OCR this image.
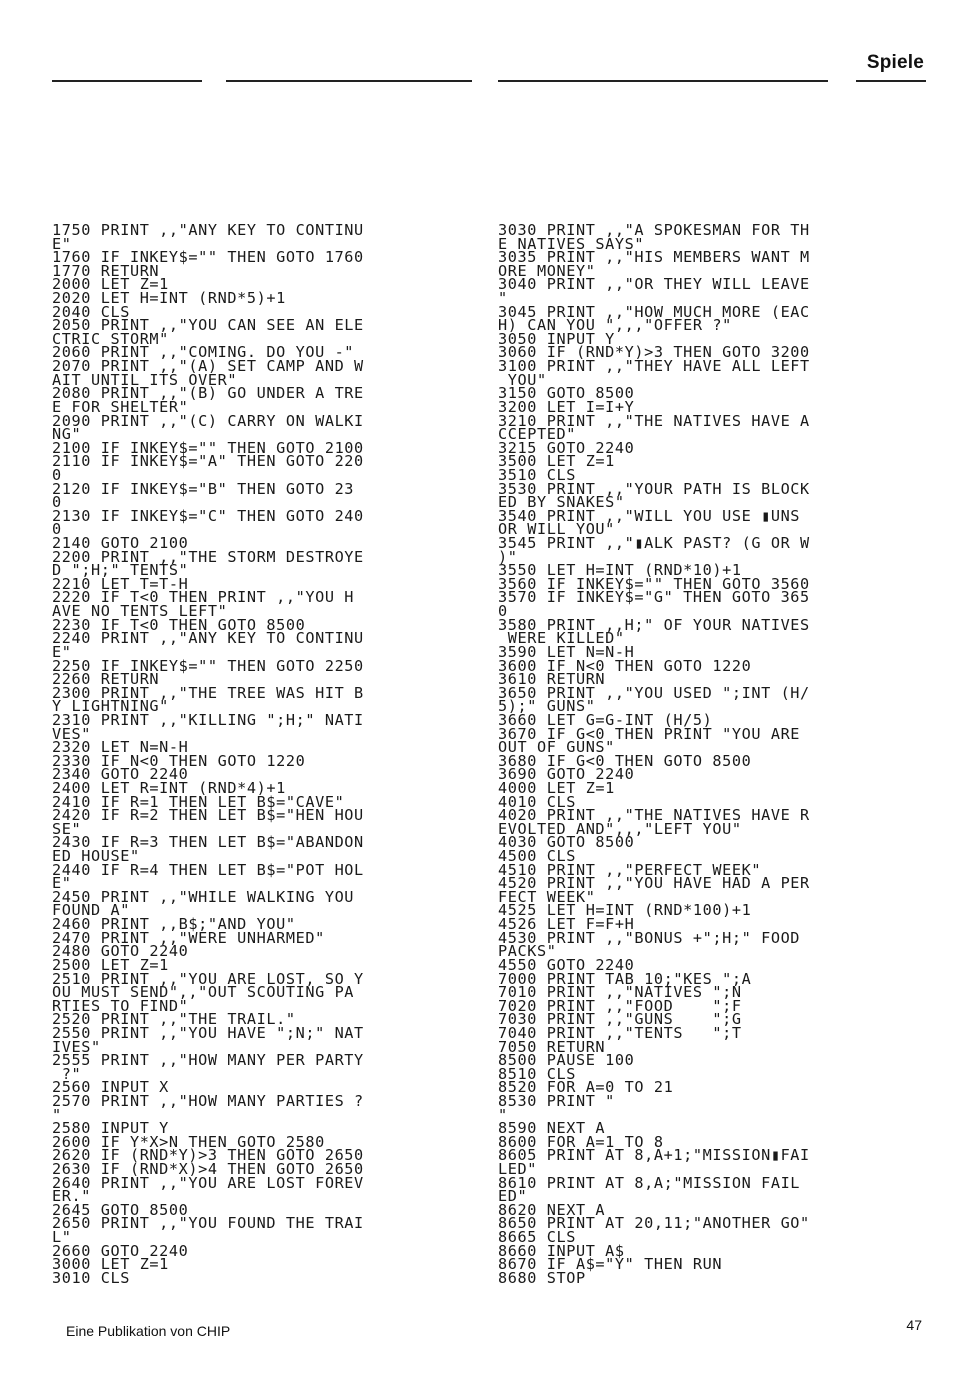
Spiele
1750 PRINT ,,"ANY KEY TO CONTINU
E"
1760 IF INKEY$="" THEN GOTO 1760
1770 RETURN
2000 LET Z=1
2020 LET H=INT (RND*5)+1
2040 CLS
2050 PRINT ,,"YOU CAN SEE AN ELE
CTRIC STORM"
2060 PRINT ,,"COMING. DO YOU -"
2070 PRINT ,,"(A) SET CAMP AND W
AIT UNTIL ITS OVER"
2080 PRINT ,,"(B) GO UNDER A TRE
E FOR SHELTER"
2090 PRINT ,,"(C) CARRY ON WALKI
NG"
2100 IF INKEY$="" THEN GOTO 2100
2110 IF INKEY$="A" THEN GOTO 220
0
2120 IF INKEY$="B" THEN GOTO 23
0
2130 IF INKEY$="C" THEN GOTO 240
0
2140 GOTO 2100
2200 PRINT ,,"THE STORM DESTROYE
D ";H;" TENTS"
2210 LET T=T-H
2220 IF T<0 THEN PRINT ,,"YOU H
AVE NO TENTS LEFT"
2230 IF T<0 THEN GOTO 8500
2240 PRINT ,,"ANY KEY TO CONTINU
E"
2250 IF INKEY$="" THEN GOTO 2250
2260 RETURN
2300 PRINT ,,"THE TREE WAS HIT B
Y LIGHTNING"
2310 PRINT ,,"KILLING ";H;" NATI
VES"
2320 LET N=N-H
2330 IF N<0 THEN GOTO 1220
2340 GOTO 2240
2400 LET R=INT (RND*4)+1
2410 IF R=1 THEN LET B$="CAVE"
2420 IF R=2 THEN LET B$="HEN HOU
SE"
2430 IF R=3 THEN LET B$="ABANDON
ED HOUSE"
2440 IF R=4 THEN LET B$="POT HOL
E"
2450 PRINT ,,"WHILE WALKING YOU
FOUND A"
2460 PRINT ,,B$;"AND YOU"
2470 PRINT ,,"WERE UNHARMED"
2480 GOTO 2240
2500 LET Z=1
2510 PRINT ,,"YOU ARE LOST, SO Y
OU MUST SEND",,"OUT SCOUTING PA
RTIES TO FIND"
2520 PRINT ,,"THE TRAIL."
2550 PRINT ,,"YOU HAVE ";N;" NAT
IVES"
2555 PRINT ,,"HOW MANY PER PARTY
?"
2560 INPUT X
2570 PRINT ,,"HOW MANY PARTIES ?
"
2580 INPUT Y
2600 IF Y*X>N THEN GOTO 2580
2620 IF (RND*Y)>3 THEN GOTO 2650
2630 IF (RND*X)>4 THEN GOTO 2650
2640 PRINT ,,"YOU ARE LOST FOREV
ER."
2645 GOTO 8500
2650 PRINT ,,"YOU FOUND THE TRAI
L"
2660 GOTO 2240
3000 LET Z=1
3010 CLS
3030 PRINT ,,"A SPOKESMAN FOR TH
E NATIVES SAYS"
3035 PRINT ,,"HIS MEMBERS WANT M
ORE MONEY"
3040 PRINT ,,"OR THEY WILL LEAVE
"
3045 PRINT ,,"HOW MUCH MORE (EAC
H) CAN YOU ",,,"OFFER ?"
3050 INPUT Y
3060 IF (RND*Y)>3 THEN GOTO 3200
3100 PRINT ,,"THEY HAVE ALL LEFT
YOU"
3150 GOTO 8500
3200 LET I=I+Y
3210 PRINT ,,"THE NATIVES HAVE A
CCEPTED"
3215 GOTO 2240
3500 LET Z=1
3510 CLS
3530 PRINT ,,"YOUR PATH IS BLOCK
ED BY SNAKES"
3540 PRINT ,,"WILL YOU USE ▮UNS
OR WILL YOU"
3545 PRINT ,,"▮ALK PAST? (G OR W
)"
3550 LET H=INT (RND*10)+1
3560 IF INKEY$="" THEN GOTO 3560
3570 IF INKEY$="G" THEN GOTO 365
0
3580 PRINT ,,H;" OF YOUR NATIVES
WERE KILLED"
3590 LET N=N-H
3600 IF N<0 THEN GOTO 1220
3610 RETURN
3650 PRINT ,,"YOU USED ";INT (H/
5);" GUNS"
3660 LET G=G-INT (H/5)
3670 IF G<0 THEN PRINT "YOU ARE
OUT OF GUNS"
3680 IF G<0 THEN GOTO 8500
3690 GOTO 2240
4000 LET Z=1
4010 CLS
4020 PRINT ,,"THE NATIVES HAVE R
EVOLTED AND",,,"LEFT YOU"
4030 GOTO 8500
4500 CLS
4510 PRINT ,,"PERFECT WEEK"
4520 PRINT ,,"YOU HAVE HAD A PER
FECT WEEK"
4525 LET H=INT (RND*100)+1
4526 LET F=F+H
4530 PRINT ,,"BONUS +";H;" FOOD
PACKS"
4550 GOTO 2240
7000 PRINT TAB 10;"KES ";A
7010 PRINT ,,"NATIVES ";N
7020 PRINT ,,"FOOD    ";F
7030 PRINT ,,"GUNS    ";G
7040 PRINT ,,"TENTS   ";T
7050 RETURN
8500 PAUSE 100
8510 CLS
8520 FOR A=0 TO 21
8530 PRINT "
"
8590 NEXT A
8600 FOR A=1 TO 8
8605 PRINT AT 8,A+1;"MISSION▮FAI
LED"
8610 PRINT AT 8,A;"MISSION FAIL
ED"
8620 NEXT A
8650 PRINT AT 20,11;"ANOTHER GO"
8665 CLS
8660 INPUT A$
8670 IF A$="Y" THEN RUN
8680 STOP
Eine Publikation von CHIP	47
